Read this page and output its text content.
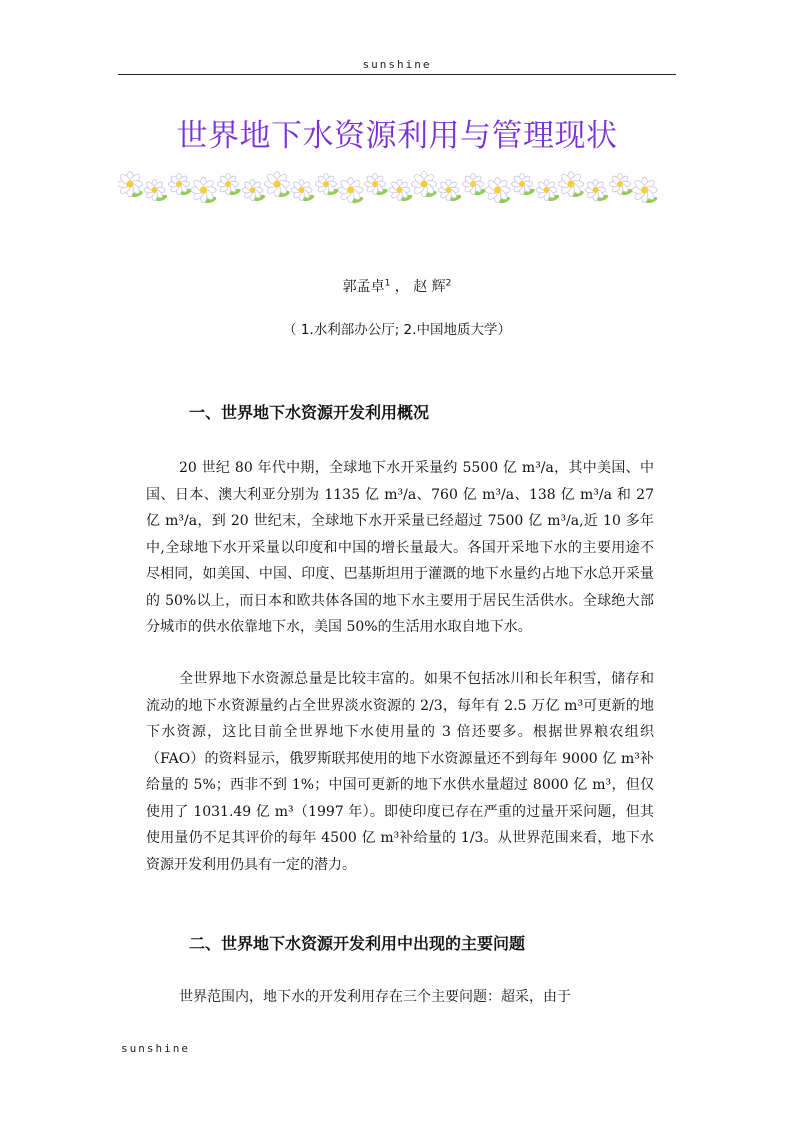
sunshine
世界地下水资源利用与管理现状
郭孟卓$^1$ ， 赵 辉$^2$
（ 1.水利部办公厅; 2.中国地质大学）
一、世界地下水资源开发利用概况

20 世纪 80 年代中期，全球地下水开采量约 5500 亿 m³/a，其中美国、中国、日本、澳大利亚分别为 1135 亿 m³/a、760 亿 m³/a、138 亿 m³/a 和 27 亿 m³/a，到 20 世纪末，全球地下水开采量已经超过 7500 亿 m³/a,近 10 多年中,全球地下水开采量以印度和中国的增长量最大。各国开采地下水的主要用途不尽相同，如美国、中国、印度、巴基斯坦用于灌溉的地下水量约占地下水总开采量的 50%以上，而日本和欧共体各国的地下水主要用于居民生活供水。全球绝大部分城市的供水依靠地下水，美国 50%的生活用水取自地下水。

全世界地下水资源总量是比较丰富的。如果不包括冰川和长年积雪，储存和流动的地下水资源量约占全世界淡水资源的 2/3，每年有 2.5 万亿 m³可更新的地下水资源，这比目前全世界地下水使用量的 3 倍还要多。根据世界粮农组织（FAO）的资料显示，俄罗斯联邦使用的地下水资源量还不到每年 9000 亿 m³补给量的 5%；西非不到 1%；中国可更新的地下水供水量超过 8000 亿 m³，但仅使用了 1031.49 亿 m³（1997 年）。即使印度已存在严重的过量开采问题，但其使用量仍不足其评价的每年 4500 亿 m³补给量的 1/3。从世界范围来看，地下水资源开发利用仍具有一定的潜力。

二、世界地下水资源开发利用中出现的主要问题

世界范围内，地下水的开发利用存在三个主要问题：超采，由于

sunshine
